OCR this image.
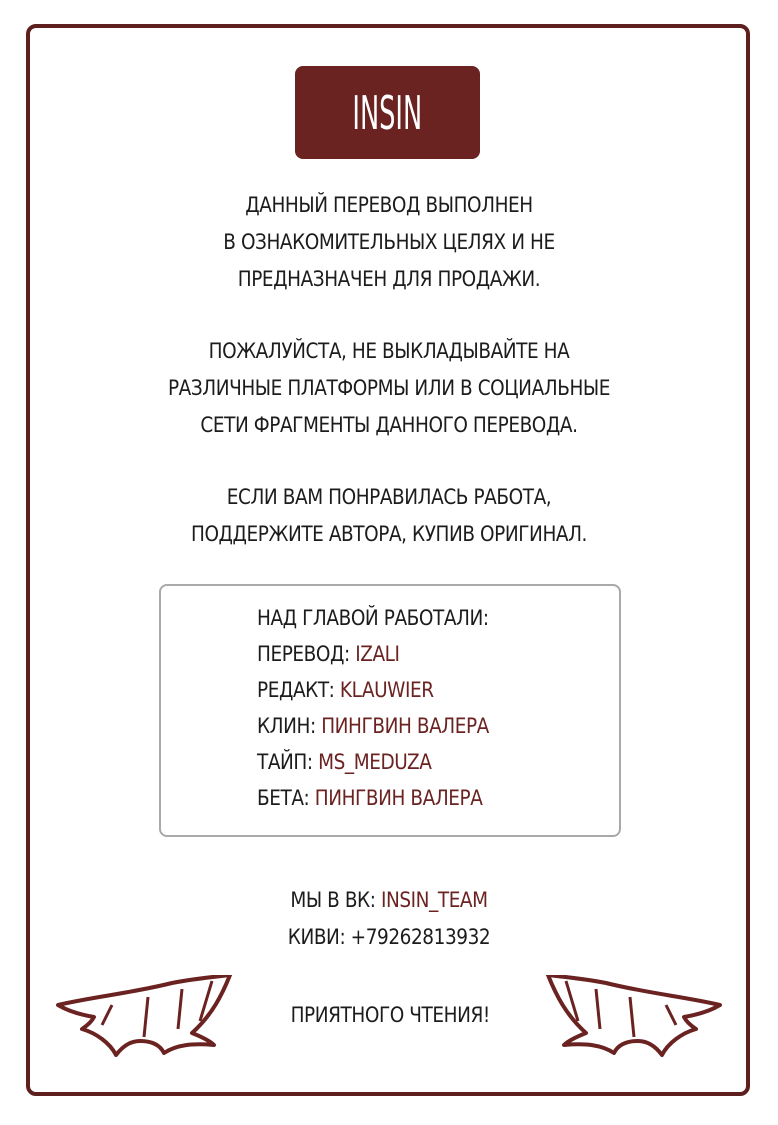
INSIN
ДАННЫЙ ПЕРЕВОД ВЫПОЛНЕН
В ОЗНАКОМИТЕЛЬНЫХ ЦЕЛЯХ И НЕ
ПРЕДНАЗНАЧЕН ДЛЯ ПРОДАЖИ.
ПОЖАЛУЙСТА, НЕ ВЫКЛАДЫВАЙТЕ НА
РАЗЛИЧНЫЕ ПЛАТФОРМЫ ИЛИ В СОЦИАЛЬНЫЕ
СЕТИ ФРАГМЕНТЫ ДАННОГО ПЕРЕВОДА.
ЕСЛИ ВАМ ПОНРАВИЛАСЬ РАБОТА,
ПОДДЕРЖИТЕ АВТОРА, КУПИВ ОРИГИНАЛ.
НАД ГЛАВОЙ РАБОТАЛИ:
ПЕРЕВОД: IZALI
РЕДАКТ: KLAUWIER
КЛИН: ПИНГВИН ВАЛЕРА
ТАЙП: MS_MEDUZA
БЕТА: ПИНГВИН ВАЛЕРА
МЫ В ВК: INSIN_TEAM
КИВИ: +79262813932
ПРИЯТНОГО ЧТЕНИЯ!
